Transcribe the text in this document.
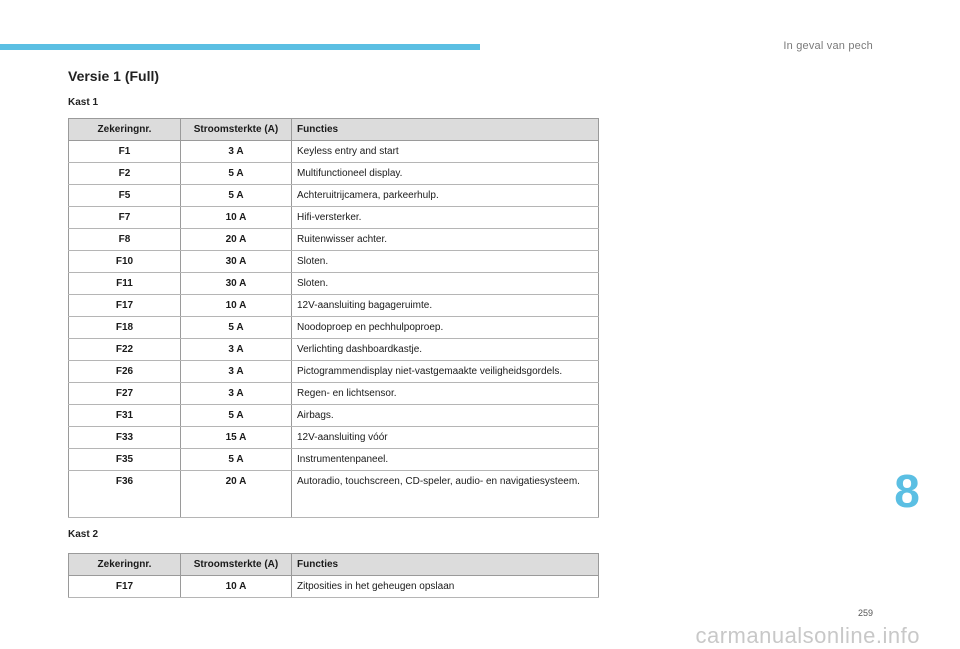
In geval van pech
Versie 1 (Full)
Kast 1
Zekeringnr.	Stroomsterkte (A)	Functies
F1	3 A	Keyless entry and start
F2	5 A	Multifunctioneel display.
F5	5 A	Achteruitrijcamera, parkeerhulp.
F7	10 A	Hifi-versterker.
F8	20 A	Ruitenwisser achter.
F10	30 A	Sloten.
F11	30 A	Sloten.
F17	10 A	12V-aansluiting bagageruimte.
F18	5 A	Noodoproep en pechhulpoproep.
F22	3 A	Verlichting dashboardkastje.
F26	3 A	Pictogrammendisplay niet-vastgemaakte veiligheidsgordels.
F27	3 A	Regen- en lichtsensor.
F31	5 A	Airbags.
F33	15 A	12V-aansluiting vóór
F35	5 A	Instrumentenpaneel.
F36	20 A	Autoradio, touchscreen, CD-speler, audio- en navigatiesysteem.
Kast 2
Zekeringnr.	Stroomsterkte (A)	Functies
F17	10 A	Zitposities in het geheugen opslaan
8
259
carmanualsonline.info
